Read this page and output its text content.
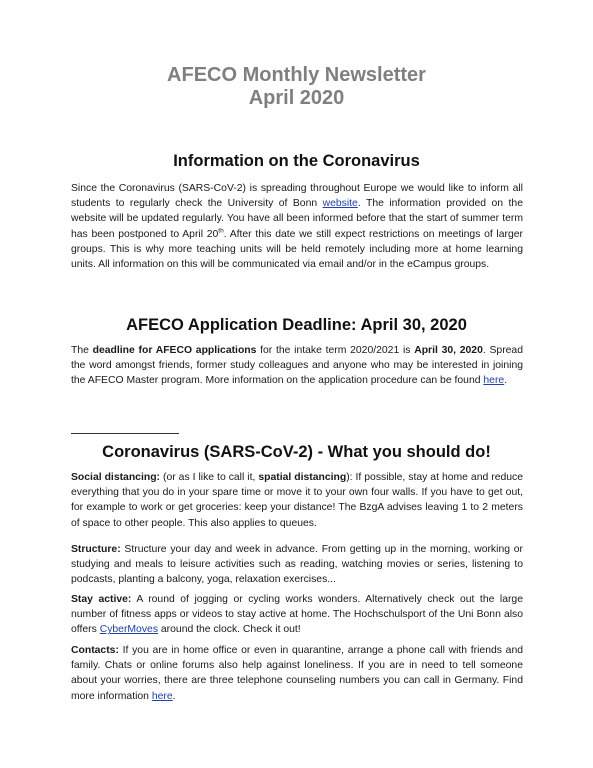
AFECO Monthly Newsletter
April 2020
Information on the Coronavirus

Since the Coronavirus (SARS-CoV-2) is spreading throughout Europe we would like to inform all students to regularly check the University of Bonn website. The information provided on the website will be updated regularly. You have all been informed before that the start of summer term has been postponed to April 20th. After this date we still expect restrictions on meetings of larger groups. This is why more teaching units will be held remotely including more at home learning units. All information on this will be communicated via email and/or in the eCampus groups.

AFECO Application Deadline: April 30, 2020

The deadline for AFECO applications for the intake term 2020/2021 is April 30, 2020. Spread the word amongst friends, former study colleagues and anyone who may be interested in joining the AFECO Master program. More information on the application procedure can be found here.

Coronavirus (SARS-CoV-2) - What you should do!

Social distancing: (or as I like to call it, spatial distancing): If possible, stay at home and reduce everything that you do in your spare time or move it to your own four walls. If you have to get out, for example to work or get groceries: keep your distance! The BzgA advises leaving 1 to 2 meters of space to other people. This also applies to queues.

Structure: Structure your day and week in advance. From getting up in the morning, working or studying and meals to leisure activities such as reading, watching movies or series, listening to podcasts, planting a balcony, yoga, relaxation exercises...

Stay active: A round of jogging or cycling works wonders. Alternatively check out the large number of fitness apps or videos to stay active at home. The Hochschulsport of the Uni Bonn also offers CyberMoves around the clock. Check it out!

Contacts: If you are in home office or even in quarantine, arrange a phone call with friends and family. Chats or online forums also help against loneliness. If you are in need to tell someone about your worries, there are three telephone counseling numbers you can call in Germany. Find more information here.
